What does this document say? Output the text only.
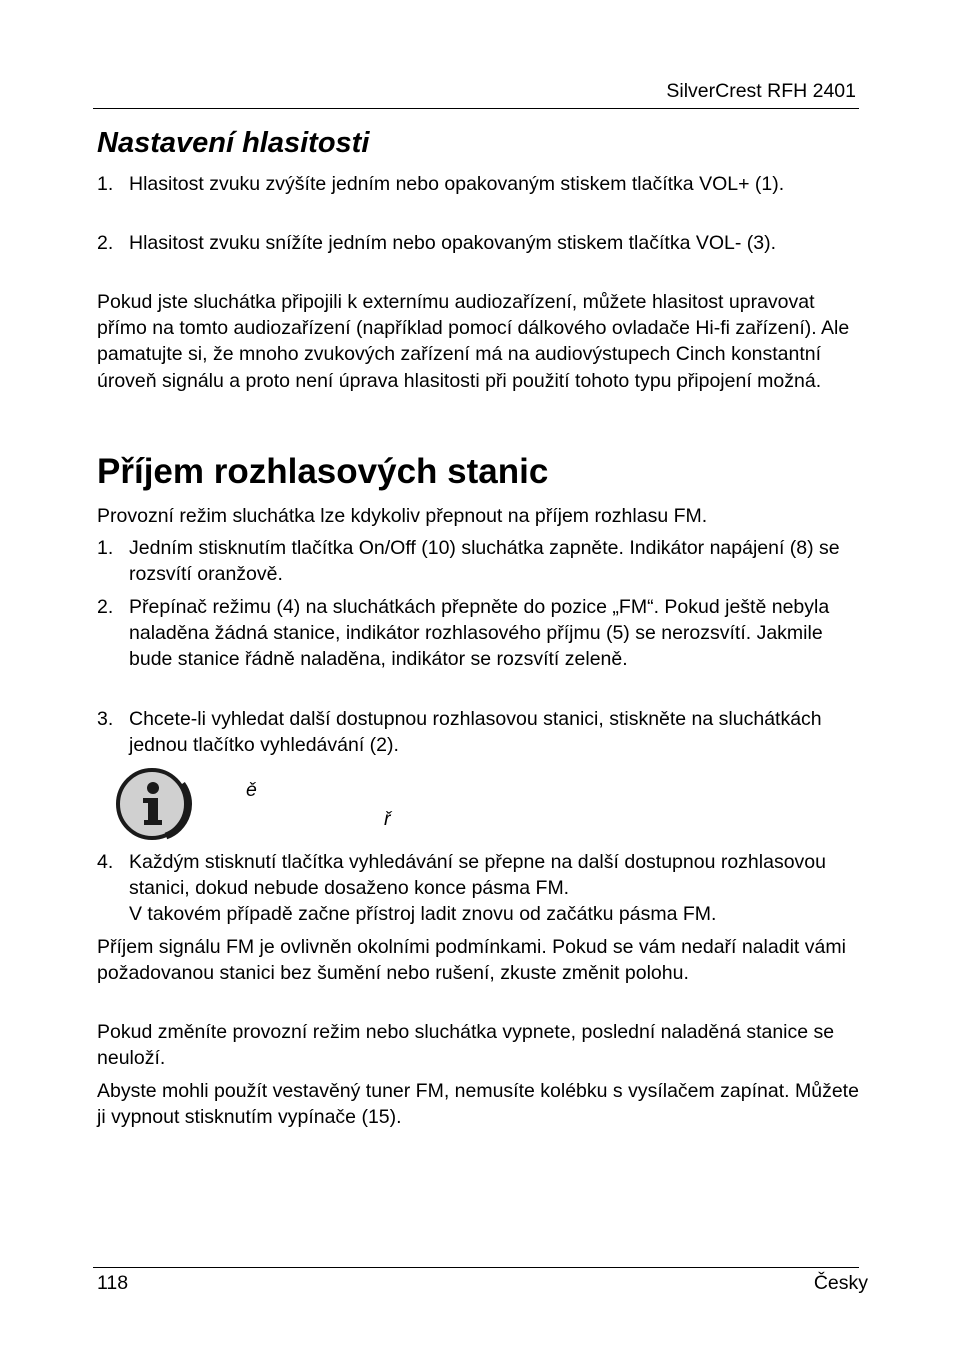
SilverCrest RFH 2401
Nastavení hlasitosti
1. Hlasitost zvuku zvýšíte jedním nebo opakovaným stiskem tlačítka VOL+ (1).
2. Hlasitost zvuku snížíte jedním nebo opakovaným stiskem tlačítka VOL- (3).

Pokud jste sluchátka připojili k externímu audiozařízení, můžete hlasitost upravovat přímo na tomto audiozařízení (například pomocí dálkového ovladače Hi-fi zařízení). Ale pamatujte si, že mnoho zvukových zařízení má na audiovýstupech Cinch konstantní úroveň signálu a proto není úprava hlasitosti při použití tohoto typu připojení možná.

Příjem rozhlasových stanic

Provozní režim sluchátka lze kdykoliv přepnout na příjem rozhlasu FM.

1. Jedním stisknutím tlačítka On/Off (10) sluchátka zapněte. Indikátor napájení (8) se rozsvítí oranžově.
2. Přepínač režimu (4) na sluchátkách přepněte do pozice „FM“. Pokud ještě nebyla naladěna žádná stanice, indikátor rozhlasového příjmu (5) se nerozsvítí. Jakmile bude stanice řádně naladěna, indikátor se rozsvítí zeleně.
3. Chcete-li vyhledat další dostupnou rozhlasovou stanici, stiskněte na sluchátkách jednou tlačítko vyhledávání (2).
ě
ř
4. Každým stisknutí tlačítka vyhledávání se přepne na další dostupnou rozhlasovou stanici, dokud nebude dosaženo konce pásma FM.
V takovém případě začne přístroj ladit znovu od začátku pásma FM.

Příjem signálu FM je ovlivněn okolními podmínkami. Pokud se vám nedaří naladit vámi požadovanou stanici bez šumění nebo rušení, zkuste změnit polohu.

Pokud změníte provozní režim nebo sluchátka vypnete, poslední naladěná stanice se neuloží.

Abyste mohli použít vestavěný tuner FM, nemusíte kolébku s vysílačem zapínat. Můžete ji vypnout stisknutím vypínače (15).

118	Česky
